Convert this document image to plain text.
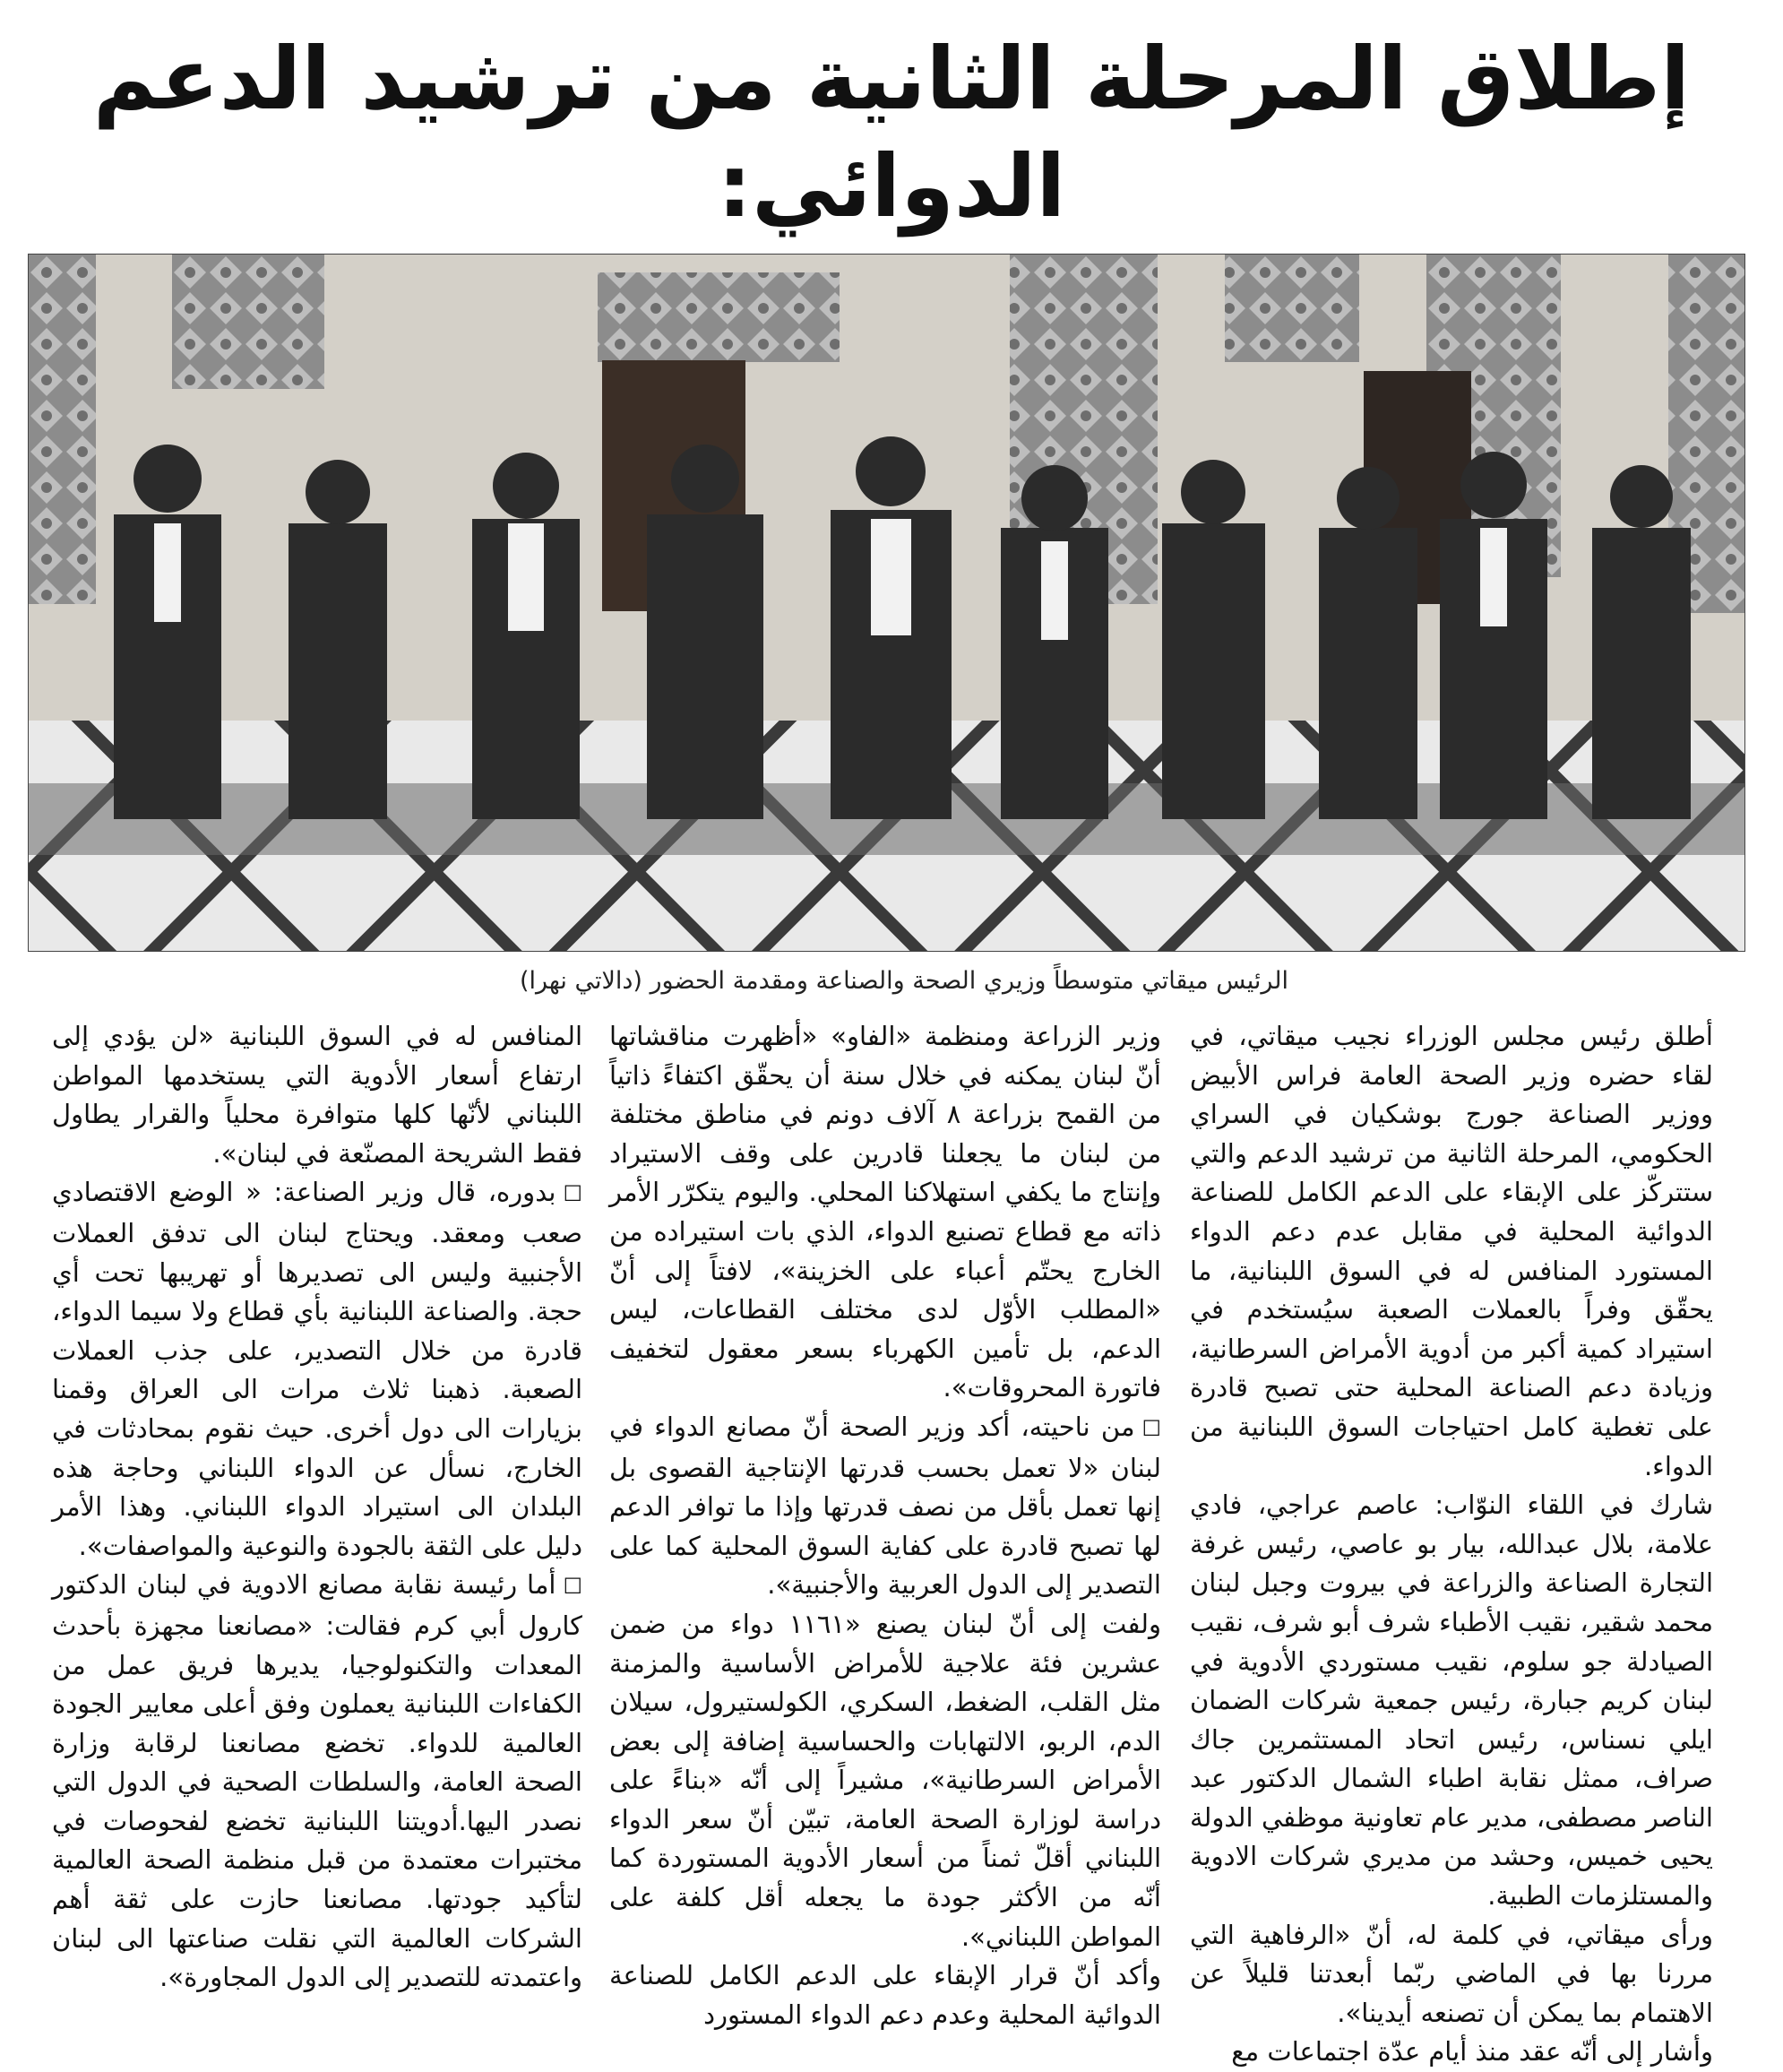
إطلاق المرحلة الثانية من ترشيد الدعم الدوائي:
الرئيس ميقاتي متوسطاً وزيري الصحة والصناعة ومقدمة الحضور (دالاتي نهرا)

أطلق رئيس مجلس الوزراء نجيب ميقاتي، في لقاء حضره وزير الصحة العامة فراس الأبيض ووزير الصناعة جورج بوشكيان في السراي الحكومي، المرحلة الثانية من ترشيد الدعم والتي ستتركّز على الإبقاء على الدعم الكامل للصناعة الدوائية المحلية في مقابل عدم دعم الدواء المستورد المنافس له في السوق اللبنانية، ما يحقّق وفراً بالعملات الصعبة سيُستخدم في استيراد كمية أكبر من أدوية الأمراض السرطانية، وزيادة دعم الصناعة المحلية حتى تصبح قادرة على تغطية كامل احتياجات السوق اللبنانية من الدواء.

شارك في اللقاء النوّاب: عاصم عراجي، فادي علامة، بلال عبدالله، بيار بو عاصي، رئيس غرفة التجارة الصناعة والزراعة في بيروت وجبل لبنان محمد شقير، نقيب الأطباء شرف أبو شرف، نقيب الصيادلة جو سلوم، نقيب مستوردي الأدوية في لبنان كريم جبارة، رئيس جمعية شركات الضمان ايلي نسناس، رئيس اتحاد المستثمرين جاك صراف، ممثل نقابة اطباء الشمال الدكتور عبد الناصر مصطفى، مدير عام تعاونية موظفي الدولة يحيى خميس، وحشد من مديري شركات الادوية والمستلزمات الطبية.

ورأى ميقاتي، في كلمة له، أنّ «الرفاهية التي مررنا بها في الماضي ربّما أبعدتنا قليلاً عن الاهتمام بما يمكن أن تصنعه أيدينا».

وأشار إلى أنّه عقد منذ أيام عدّة اجتماعات مع

وزير الزراعة ومنظمة «الفاو» «أظهرت مناقشاتها أنّ لبنان يمكنه في خلال سنة أن يحقّق اكتفاءً ذاتياً من القمح بزراعة ٨ آلاف دونم في مناطق مختلفة من لبنان ما يجعلنا قادرين على وقف الاستيراد وإنتاج ما يكفي استهلاكنا المحلي. واليوم يتكرّر الأمر ذاته مع قطاع تصنيع الدواء، الذي بات استيراده من الخارج يحتّم أعباء على الخزينة»، لافتاً إلى أنّ «المطلب الأوّل لدى مختلف القطاعات، ليس الدعم، بل تأمين الكهرباء بسعر معقول لتخفيف فاتورة المحروقات».

☐من ناحيته، أكد وزير الصحة أنّ مصانع الدواء في لبنان «لا تعمل بحسب قدرتها الإنتاجية القصوى بل إنها تعمل بأقل من نصف قدرتها وإذا ما توافر الدعم لها تصبح قادرة على كفاية السوق المحلية كما على التصدير إلى الدول العربية والأجنبية».

ولفت إلى أنّ لبنان يصنع «١١٦١ دواء من ضمن عشرين فئة علاجية للأمراض الأساسية والمزمنة مثل القلب، الضغط، السكري، الكولستيرول، سيلان الدم، الربو، الالتهابات والحساسية إضافة إلى بعض الأمراض السرطانية»، مشيراً إلى أنّه «بناءً على دراسة لوزارة الصحة العامة، تبيّن أنّ سعر الدواء اللبناني أقلّ ثمناً من أسعار الأدوية المستوردة كما أنّه من الأكثر جودة ما يجعله أقل كلفة على المواطن اللبناني».

وأكد أنّ قرار الإبقاء على الدعم الكامل للصناعة الدوائية المحلية وعدم دعم الدواء المستورد

المنافس له في السوق اللبنانية «لن يؤدي إلى ارتفاع أسعار الأدوية التي يستخدمها المواطن اللبناني لأنّها كلها متوافرة محلياً والقرار يطاول فقط الشريحة المصنّعة في لبنان».

☐بدوره، قال وزير الصناعة: « الوضع الاقتصادي صعب ومعقد. ويحتاج لبنان الى تدفق العملات الأجنبية وليس الى تصديرها أو تهريبها تحت أي حجة. والصناعة اللبنانية بأي قطاع ولا سيما الدواء، قادرة من خلال التصدير، على جذب العملات الصعبة. ذهبنا ثلاث مرات الى العراق وقمنا بزيارات الى دول أخرى. حيث نقوم بمحادثات في الخارج، نسأل عن الدواء اللبناني وحاجة هذه البلدان الى استيراد الدواء اللبناني. وهذا الأمر دليل على الثقة بالجودة والنوعية والمواصفات».

☐أما رئيسة نقابة مصانع الادوية في لبنان الدكتور كارول أبي كرم فقالت: «مصانعنا مجهزة بأحدث المعدات والتكنولوجيا، يديرها فريق عمل من الكفاءات اللبنانية يعملون وفق أعلى معايير الجودة العالمية للدواء. تخضع مصانعنا لرقابة وزارة الصحة العامة، والسلطات الصحية في الدول التي نصدر اليها.أدويتنا اللبنانية تخضع لفحوصات في مختبرات معتمدة من قبل منظمة الصحة العالمية لتأكيد جودتها. مصانعنا حازت على ثقة أهم الشركات العالمية التي نقلت صناعتها الى لبنان واعتمدته للتصدير إلى الدول المجاورة».
